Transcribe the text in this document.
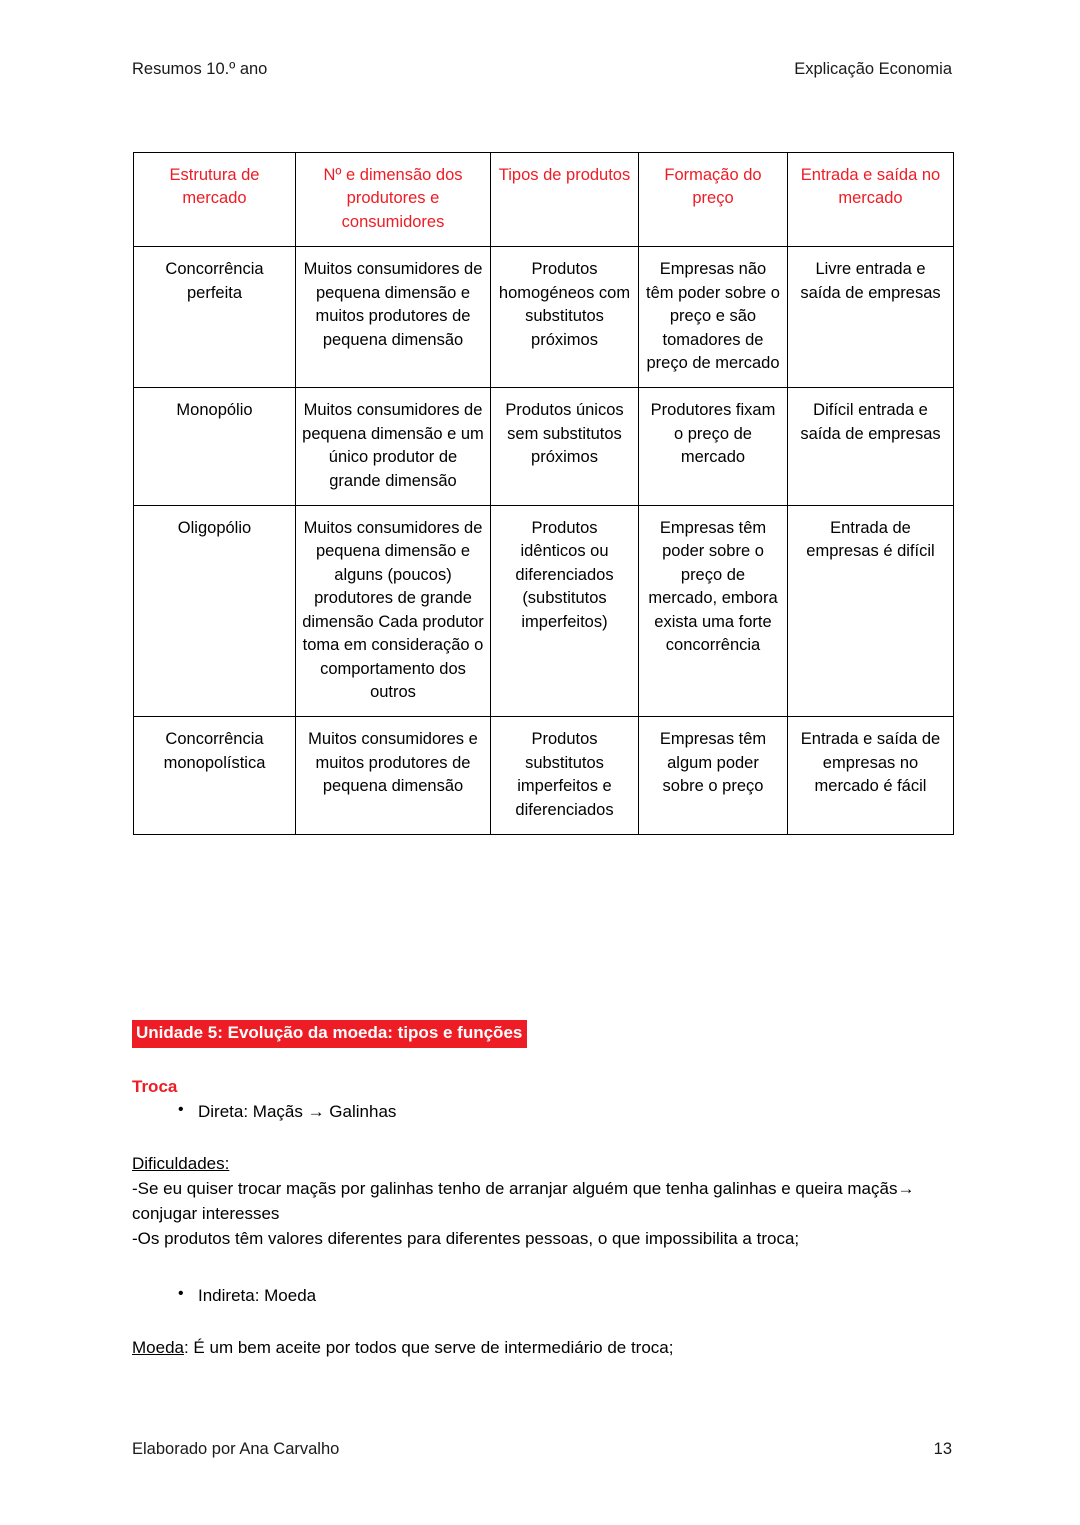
Resumos 10.º ano	Explicação Economia
Estrutura de mercado	Nº e dimensão dos produtores e consumidores	Tipos de produtos	Formação do preço	Entrada e saída no mercado
Concorrência perfeita	Muitos consumidores de pequena dimensão e muitos produtores de pequena dimensão	Produtos homogéneos com substitutos próximos	Empresas não têm poder sobre o preço e são tomadores de preço de mercado	Livre entrada e saída de empresas
Monopólio	Muitos consumidores de pequena dimensão e um único produtor de grande dimensão	Produtos únicos sem substitutos próximos	Produtores fixam o preço de mercado	Difícil entrada e saída de empresas
Oligopólio	Muitos consumidores de pequena dimensão e alguns (poucos) produtores de grande dimensão Cada produtor toma em consideração o comportamento dos outros	Produtos idênticos ou diferenciados (substitutos imperfeitos)	Empresas têm poder sobre o preço de mercado, embora exista uma forte concorrência	Entrada de empresas é difícil
Concorrência monopolística	Muitos consumidores e muitos produtores de pequena dimensão	Produtos substitutos imperfeitos e diferenciados	Empresas têm algum poder sobre o preço	Entrada e saída de empresas no mercado é fácil
Unidade 5: Evolução da moeda: tipos e funções
Troca
• Direta: Maçãs → Galinhas
Dificuldades:
-Se eu quiser trocar maçãs por galinhas tenho de arranjar alguém que tenha galinhas e queira maçãs→ conjugar interesses
-Os produtos têm valores diferentes para diferentes pessoas, o que impossibilita a troca;
• Indireta: Moeda
Moeda: É um bem aceite por todos que serve de intermediário de troca;
Elaborado por Ana Carvalho	13
